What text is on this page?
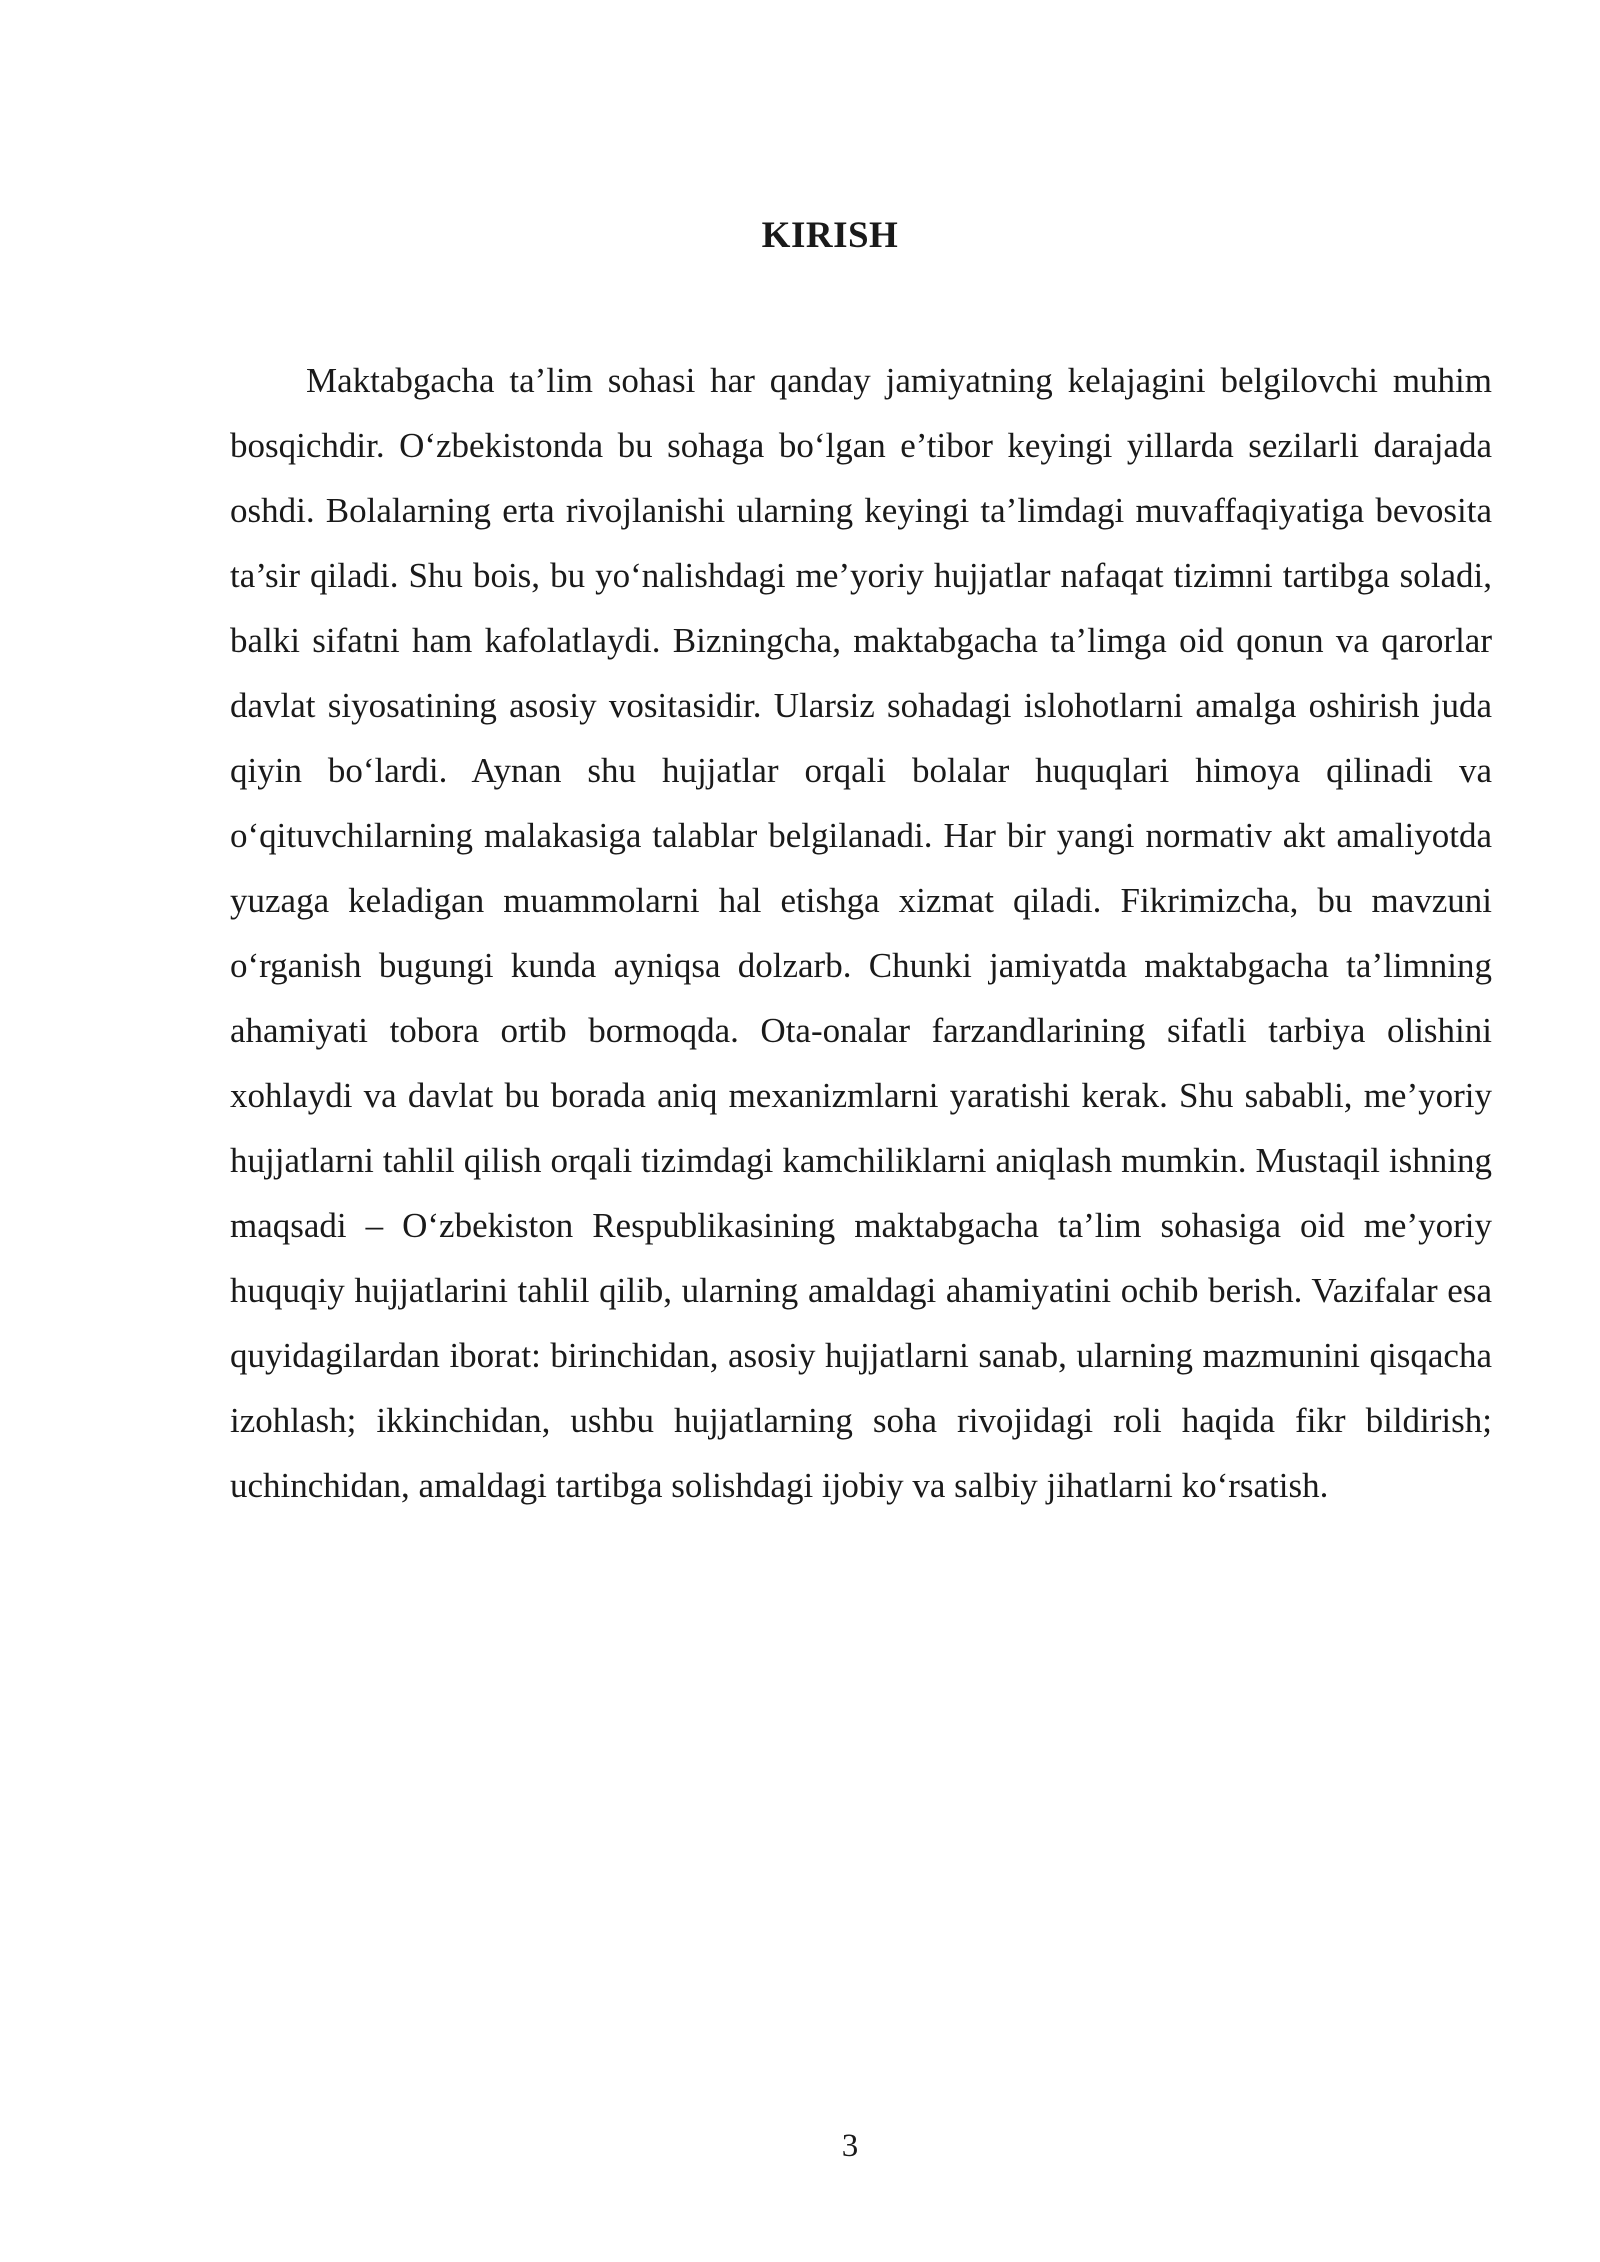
KIRISH

Maktabgacha ta’lim sohasi har qanday jamiyatning kelajagini belgilovchi muhim bosqichdir. O‘zbekistonda bu sohaga bo‘lgan e’tibor keyingi yillarda sezilarli darajada oshdi. Bolalarning erta rivojlanishi ularning keyingi ta’limdagi muvaffaqiyatiga bevosita ta’sir qiladi. Shu bois, bu yo‘nalishdagi me’yoriy hujjatlar nafaqat tizimni tartibga soladi, balki sifatni ham kafolatlaydi. Bizningcha, maktabgacha ta’limga oid qonun va qarorlar davlat siyosatining asosiy vositasidir. Ularsiz sohadagi islohotlarni amalga oshirish juda qiyin bo‘lardi. Aynan shu hujjatlar orqali bolalar huquqlari himoya qilinadi va o‘qituvchilarning malakasiga talablar belgilanadi. Har bir yangi normativ akt amaliyotda yuzaga keladigan muammolarni hal etishga xizmat qiladi. Fikrimizcha, bu mavzuni o‘rganish bugungi kunda ayniqsa dolzarb. Chunki jamiyatda maktabgacha ta’limning ahamiyati tobora ortib bormoqda. Ota-onalar farzandlarining sifatli tarbiya olishini xohlaydi va davlat bu borada aniq mexanizmlarni yaratishi kerak. Shu sababli, me’yoriy hujjatlarni tahlil qilish orqali tizimdagi kamchiliklarni aniqlash mumkin. Mustaqil ishning maqsadi – O‘zbekiston Respublikasining maktabgacha ta’lim sohasiga oid me’yoriy huquqiy hujjatlarini tahlil qilib, ularning amaldagi ahamiyatini ochib berish. Vazifalar esa quyidagilardan iborat: birinchidan, asosiy hujjatlarni sanab, ularning mazmunini qisqacha izohlash; ikkinchidan, ushbu hujjatlarning soha rivojidagi roli haqida fikr bildirish; uchinchidan, amaldagi tartibga solishdagi ijobiy va salbiy jihatlarni ko‘rsatish.

3
